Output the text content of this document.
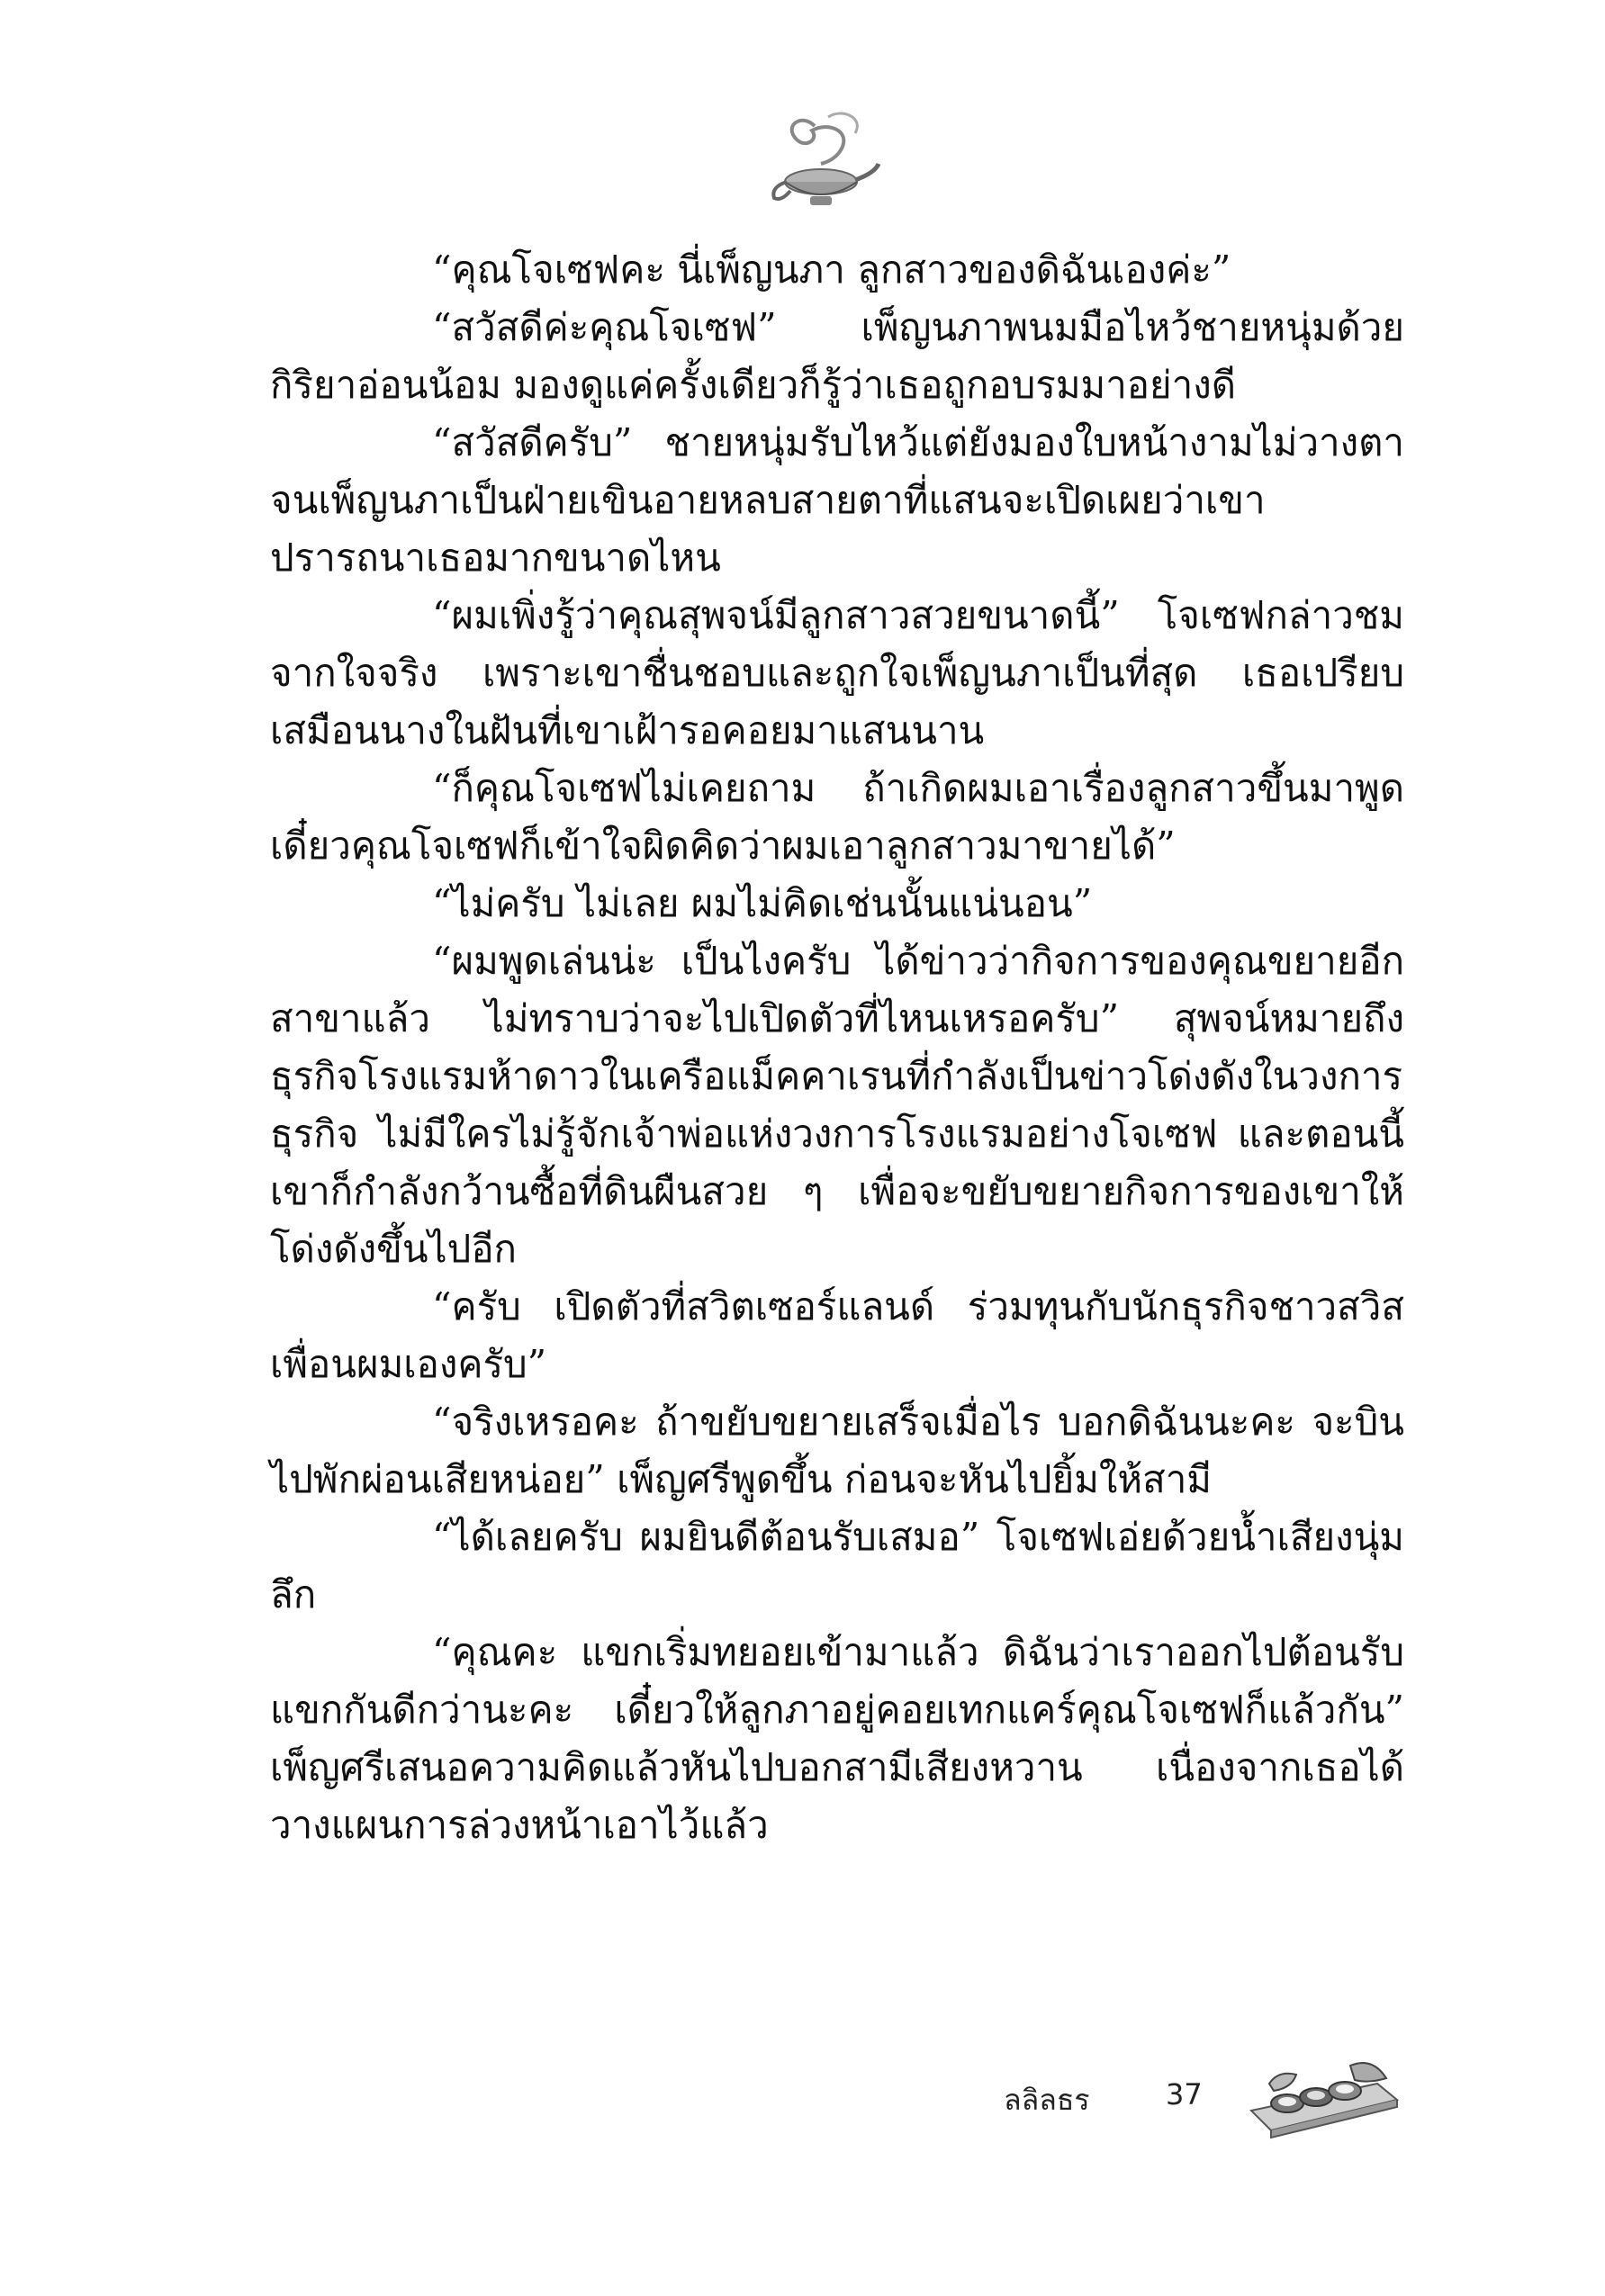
“คุณโจเซฟคะ นี่เพ็ญนภา ลูกสาวของดิฉันเองค่ะ”

“สวัสดีค่ะคุณโจเซฟ” เพ็ญนภาพนมมือไหว้ชายหนุ่มด้วยกิริยาอ่อนน้อม มองดูแค่ครั้งเดียวก็รู้ว่าเธอถูกอบรมมาอย่างดี

“สวัสดีครับ” ชายหนุ่มรับไหว้แต่ยังมองใบหน้างามไม่วางตา จนเพ็ญนภาเป็นฝ่ายเขินอายหลบสายตาที่แสนจะเปิดเผยว่าเขาปรารถนาเธอมากขนาดไหน

“ผมเพิ่งรู้ว่าคุณสุพจน์มีลูกสาวสวยขนาดนี้” โจเซฟกล่าวชมจากใจจริง เพราะเขาชื่นชอบและถูกใจเพ็ญนภาเป็นที่สุด เธอเปรียบเสมือนนางในฝันที่เขาเฝ้ารอคอยมาแสนนาน

“ก็คุณโจเซฟไม่เคยถาม ถ้าเกิดผมเอาเรื่องลูกสาวขึ้นมาพูด เดี๋ยวคุณโจเซฟก็เข้าใจผิดคิดว่าผมเอาลูกสาวมาขายได้”

“ไม่ครับ ไม่เลย ผมไม่คิดเช่นนั้นแน่นอน”

“ผมพูดเล่นน่ะ เป็นไงครับ ได้ข่าวว่ากิจการของคุณขยายอีกสาขาแล้ว ไม่ทราบว่าจะไปเปิดตัวที่ไหนเหรอครับ” สุพจน์หมายถึงธุรกิจโรงแรมห้าดาวในเครือแม็คคาเรนที่กำลังเป็นข่าวโด่งดังในวงการธุรกิจ ไม่มีใครไม่รู้จักเจ้าพ่อแห่งวงการโรงแรมอย่างโจเซฟ และตอนนี้เขาก็กำลังกว้านซื้อที่ดินผืนสวย ๆ เพื่อจะขยับขยายกิจการของเขาให้โด่งดังขึ้นไปอีก

“ครับ เปิดตัวที่สวิตเซอร์แลนด์ ร่วมทุนกับนักธุรกิจชาวสวิสเพื่อนผมเองครับ”

“จริงเหรอคะ ถ้าขยับขยายเสร็จเมื่อไร บอกดิฉันนะคะ จะบินไปพักผ่อนเสียหน่อย” เพ็ญศรีพูดขึ้น ก่อนจะหันไปยิ้มให้สามี

“ได้เลยครับ ผมยินดีต้อนรับเสมอ” โจเซฟเอ่ยด้วยน้ำเสียงนุ่มลึก

“คุณคะ แขกเริ่มทยอยเข้ามาแล้ว ดิฉันว่าเราออกไปต้อนรับแขกกันดีกว่านะคะ เดี๋ยวให้ลูกภาอยู่คอยเทกแคร์คุณโจเซฟก็แล้วกัน” เพ็ญศรีเสนอความคิดแล้วหันไปบอกสามีเสียงหวาน เนื่องจากเธอได้วางแผนการล่วงหน้าเอาไว้แล้ว

ลลิลธร	37
